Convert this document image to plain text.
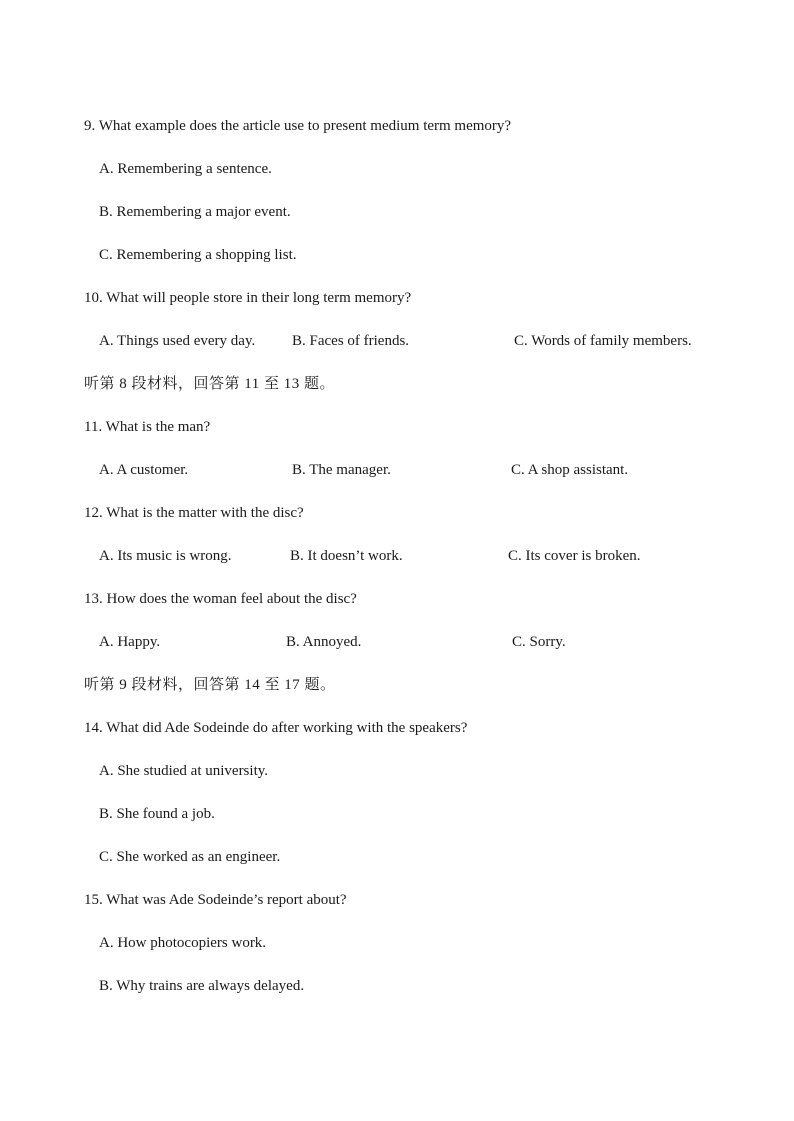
9. What example does the article use to present medium term memory?
A. Remembering a sentence.
B. Remembering a major event.
C. Remembering a shopping list.
10. What will people store in their long term memory?
A. Things used every day. B. Faces of friends.	C. Words of family members.
听第 8 段材料，回答第 11 至 13 题。
11. What is the man?
A. A customer.	B. The manager.	C. A shop assistant.
12. What is the matter with the disc?
A. Its music is wrong.	B. It doesn’t work.	C. Its cover is broken.
13. How does the woman feel about the disc?
A. Happy.	B. Annoyed.	C. Sorry.
听第 9 段材料，回答第 14 至 17 题。
14. What did Ade Sodeinde do after working with the speakers?
A. She studied at university.
B. She found a job.
C. She worked as an engineer.
15. What was Ade Sodeinde’s report about?
A. How photocopiers work.
B. Why trains are always delayed.
